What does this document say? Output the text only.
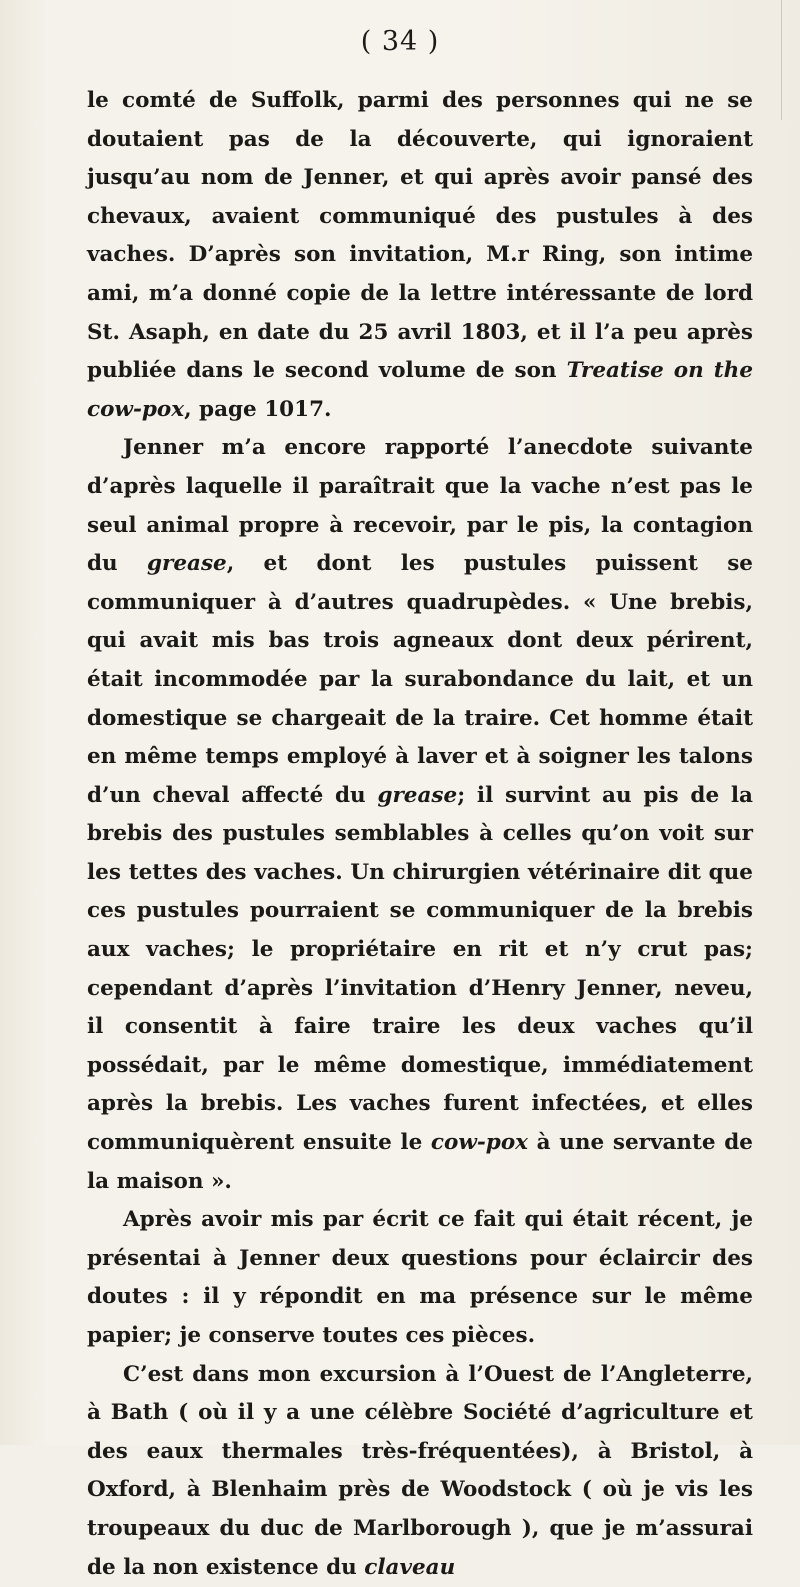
( 34 )

le comté de Suffolk, parmi des personnes qui ne se doutaient pas de la découverte, qui ignoraient jusqu’au nom de Jenner, et qui après avoir pansé des chevaux, avaient communiqué des pustules à des vaches. D’après son invitation, M.r Ring, son intime ami, m’a donné copie de la lettre intéressante de lord St. Asaph, en date du 25 avril 1803, et il l’a peu après publiée dans le second volume de son Treatise on the cow-pox, page 1017.

Jenner m’a encore rapporté l’anecdote suivante d’après laquelle il paraîtrait que la vache n’est pas le seul animal propre à recevoir, par le pis, la contagion du grease, et dont les pustules puissent se communiquer à d’autres quadrupèdes. « Une brebis, qui avait mis bas trois agneaux dont deux périrent, était incommodée par la surabondance du lait, et un domestique se chargeait de la traire. Cet homme était en même temps employé à laver et à soigner les talons d’un cheval affecté du grease; il survint au pis de la brebis des pustules semblables à celles qu’on voit sur les tettes des vaches. Un chirurgien vétérinaire dit que ces pustules pourraient se communiquer de la brebis aux vaches; le propriétaire en rit et n’y crut pas; cependant d’après l’invitation d’Henry Jenner, neveu, il consentit à faire traire les deux vaches qu’il possédait, par le même domestique, immédiatement après la brebis. Les vaches furent infectées, et elles communiquèrent ensuite le cow-pox à une servante de la maison ».

Après avoir mis par écrit ce fait qui était récent, je présentai à Jenner deux questions pour éclaircir des doutes : il y répondit en ma présence sur le même papier; je conserve toutes ces pièces.

C’est dans mon excursion à l’Ouest de l’Angleterre, à Bath ( où il y a une célèbre Société d’agriculture et des eaux thermales très-fréquentées), à Bristol, à Oxford, à Blenhaim près de Woodstock ( où je vis les troupeaux du duc de Marlborough ), que je m’assurai de la non existence du claveau
